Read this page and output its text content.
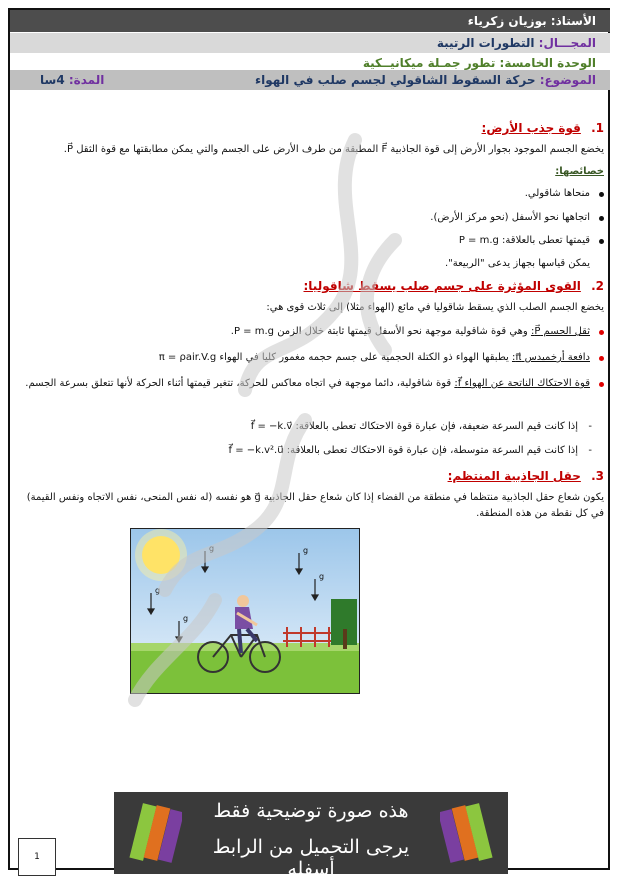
الأستاذ: بوزيان زكرياء
المجـــال: التطورات الرتيبة
الوحدة الخامسة: تطور جمـلة ميكانيــكية
الموضوع: حركة السقوط الشاقولي لجسم صلب في الهواء
المدة: 4سا
1. قوة جذب الأرض:
يخضع الجسم الموجود بجوار الأرض إلى قوة الجاذبية F⃗ المطبقة من طرف الأرض على الجسم والتي يمكن مطابقتها مع قوة الثقل P⃗.
خصائصها:
منحاها شاقولي.
اتجاهها نحو الأسفل (نحو مركز الأرض).
قيمتها تعطى بالعلاقة: P = m.g
يمكن قياسها بجهاز يدعى "الربيعة".
2. القوى المؤثرة على جسم صلب يسقط شاقوليا:
يخضع الجسم الصلب الذي يسقط شاقوليا في مائع (الهواء مثلا) إلى ثلاث قوى هي:
ثقل الجسم P⃗: وهي قوة شاقولية موجهة نحو الأسفل قيمتها ثابتة خلال الزمن P = m.g.
دافعة أرخميدس π⃗: يطبقها الهواء ذو الكتلة الحجمية على جسم حجمه مغمور كليا في الهواء π = ρair.V.g
قوة الاحتكاك الناتجة عن الهواء f⃗: قوة شاقولية، دائما موجهة في اتجاه معاكس للحركة، تتغير قيمتها أثناء الحركة لأنها تتعلق بسرعة الجسم.
- إذا كانت قيم السرعة ضعيفة، فإن عبارة قوة الاحتكاك تعطى بالعلاقة: f⃗ = −k.v⃗
- إذا كانت قيم السرعة متوسطة، فإن عبارة قوة الاحتكاك تعطى بالعلاقة: f⃗ = −k.v².u⃗
3. حقل الجاذبية المنتظم:
يكون شعاع حقل الجاذبية منتظما في منطقة من الفضاء إذا كان شعاع حقل الجاذبية g⃗ هو نفسه (له نفس المنحى، نفس الاتجاه ونفس القيمة) في كل نقطة من هذه المنطقة.
g
g	g
g
g
1
هذه صورة توضيحية فقط
يرجى التحميل من الرابط أسفله
